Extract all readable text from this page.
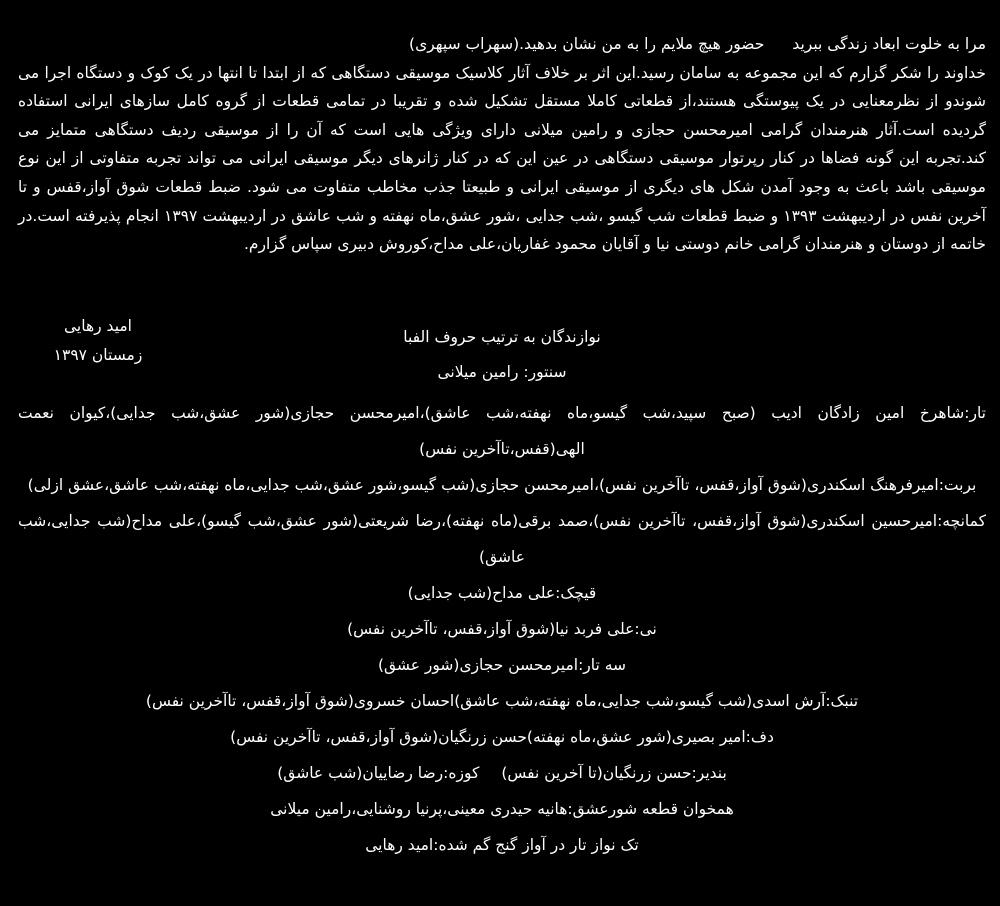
مرا به خلوت ابعاد زندگی ببریدحضور هیچ ملایم را به من نشان بدهید.(سهراب سپهری)
خداوند را شکر گزارم که این مجموعه به سامان رسید.این اثر بر خلاف آثار کلاسیک موسیقی دستگاهی که از ابتدا تا انتها در یک کوک و دستگاه اجرا می شوندو از نظرمعنایی در یک پیوستگی هستند،از قطعاتی کاملا مستقل تشکیل شده و تقریبا در تمامی قطعات از گروه کامل سازهای ایرانی استفاده گردیده است.آثار هنرمندان گرامی امیرمحسن حجازی و رامین میلانی دارای ویژگی هایی است که آن را از موسیقی ردیف دستگاهی متمایز می کند.تجربه این گونه فضاها در کنار رپرتوار موسیقی دستگاهی در عین این که در کنار ژانرهای دیگر موسیقی ایرانی می تواند تجربه متفاوتی از این نوع موسیقی باشد باعث به وجود آمدن شکل های دیگری از موسیقی ایرانی و طبیعتا جذب مخاطب متفاوت می شود. ضبط قطعات شوق آواز،قفس و تا آخرین نفس در اردیبهشت ۱۳۹۳ و ضبط قطعات شب گیسو ،شب جدایی ،شور عشق،ماه نهفته و شب عاشق در اردیبهشت ۱۳۹۷ انجام پذیرفته است.در خاتمه از دوستان و هنرمندان گرامی خانم دوستی نیا و آقایان محمود غفاریان،علی مداح،کوروش دبیری سپاس گزارم.

امید رهایی
زمستان ۱۳۹۷

نوازندگان به ترتیب حروف الفبا

سنتور: رامین میلانی

تار:شاهرخ امین زادگان ادیب (صبح سپید،شب گیسو،ماه نهفته،شب عاشق)،امیرمحسن حجازی(شور عشق،شب جدایی)،کیوان نعمت الهی(قفس،تاآخرین نفس)

بربت:امیرفرهنگ اسکندری(شوق آواز،قفس، تاآخرین نفس)،امیرمحسن حجازی(شب گیسو،شور عشق،شب جدایی،ماه نهفته،شب عاشق،عشق ازلی)

کمانچه:امیرحسین اسکندری(شوق آواز،قفس، تاآخرین نفس)،صمد برقی(ماه نهفته)،رضا شریعتی(شور عشق،شب گیسو)،علی مداح(شب جدایی،شب عاشق)

قیچک:علی مداح(شب جدایی)

نی:علی فربد نیا(شوق آواز،قفس، تاآخرین نفس)

سه تار:امیرمحسن حجازی(شور عشق)

تنبک:آرش اسدی(شب گیسو،شب جدایی،ماه نهفته،شب عاشق)احسان خسروی(شوق آواز،قفس، تاآخرین نفس)

دف:امیر بصیری(شور عشق،ماه نهفته)حسن زرنگیان(شوق آواز،قفس، تاآخرین نفس)

بندیر:حسن زرنگیان(تا آخرین نفس)کوزه:رضا رضاییان(شب عاشق)

همخوان قطعه شورعشق:هانیه حیدری معینی،پرنیا روشنایی،رامین میلانی

تک نواز تار در آواز گنج گم شده:امید رهایی
